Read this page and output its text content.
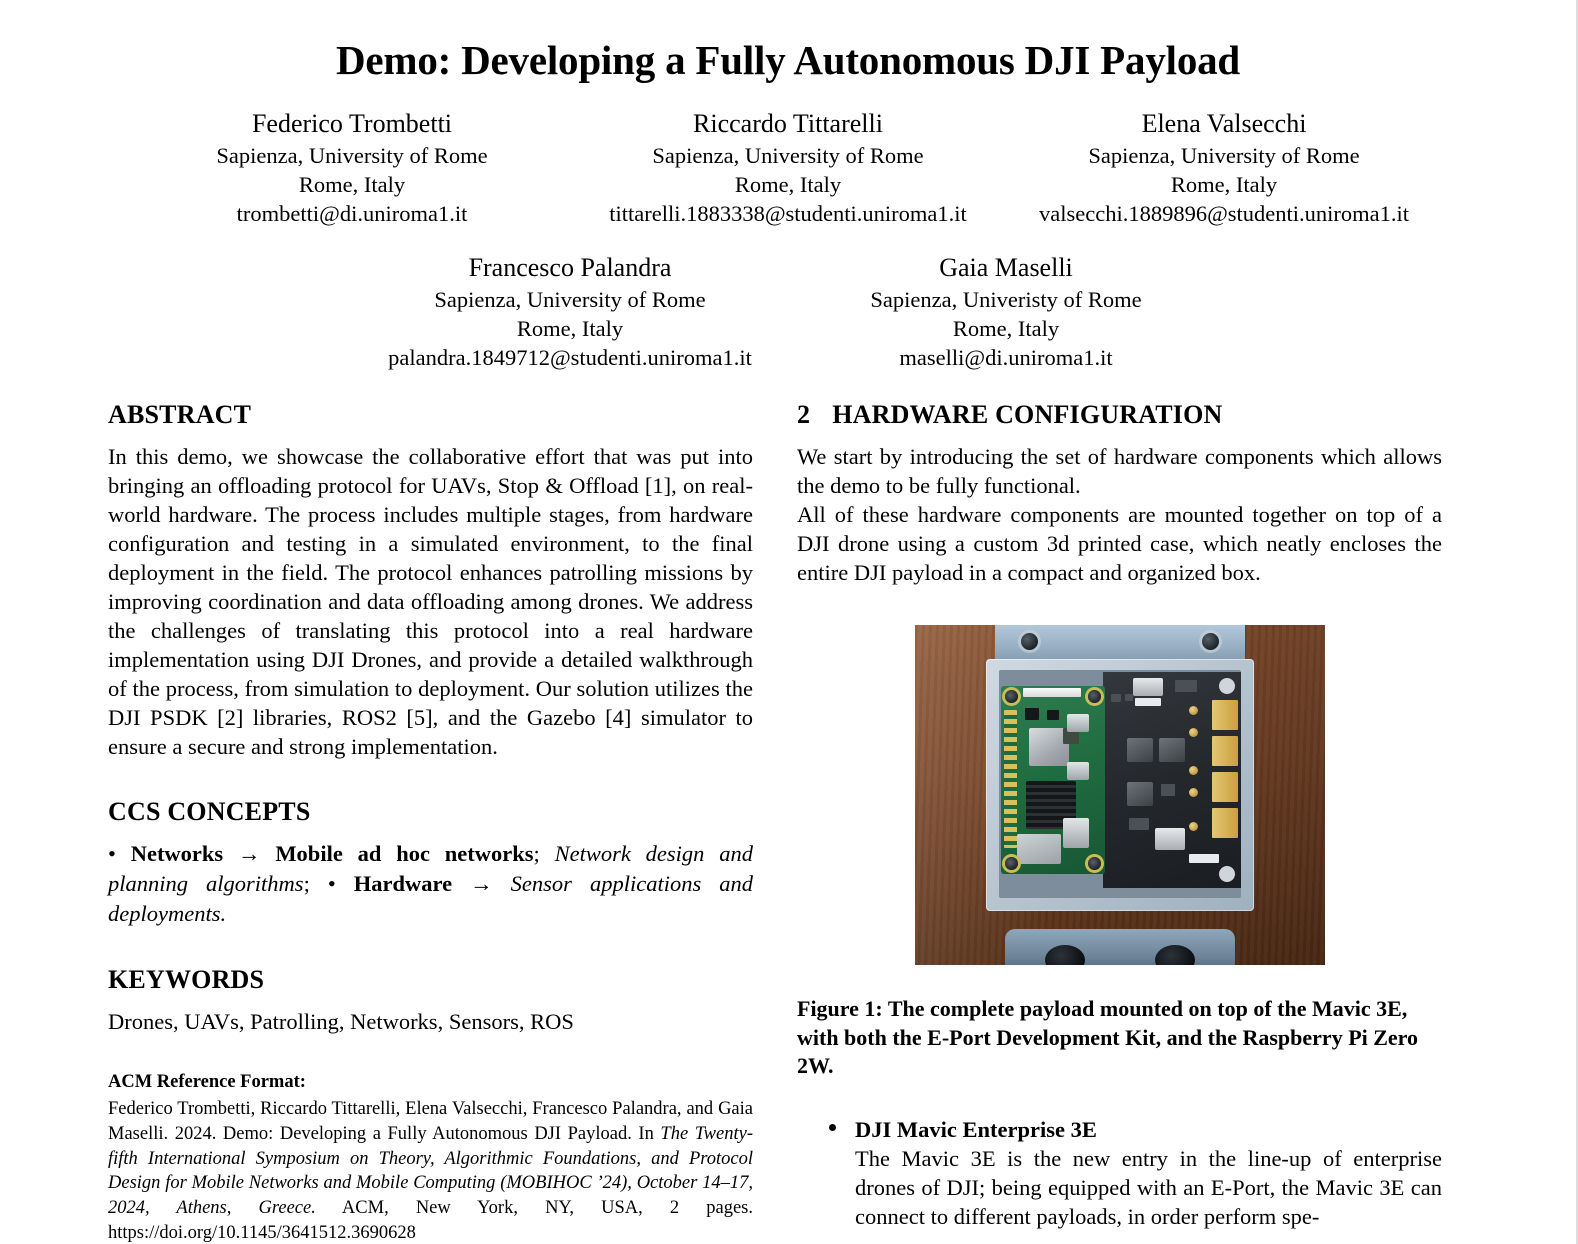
Demo: Developing a Fully Autonomous DJI Payload
Federico Trombetti
Sapienza, University of Rome
Rome, Italy
trombetti@di.uniroma1.it
Riccardo Tittarelli
Sapienza, University of Rome
Rome, Italy
tittarelli.1883338@studenti.uniroma1.it
Elena Valsecchi
Sapienza, University of Rome
Rome, Italy
valsecchi.1889896@studenti.uniroma1.it
Francesco Palandra
Sapienza, University of Rome
Rome, Italy
palandra.1849712@studenti.uniroma1.it
Gaia Maselli
Sapienza, Univeristy of Rome
Rome, Italy
maselli@di.uniroma1.it
ABSTRACT

In this demo, we showcase the collaborative effort that was put into bringing an offloading protocol for UAVs, Stop & Offload [1], on real-world hardware. The process includes multiple stages, from hardware configuration and testing in a simulated environment, to the final deployment in the field. The protocol enhances patrolling missions by improving coordination and data offloading among drones. We address the challenges of translating this protocol into a real hardware implementation using DJI Drones, and provide a detailed walkthrough of the process, from simulation to deployment. Our solution utilizes the DJI PSDK [2] libraries, ROS2 [5], and the Gazebo [4] simulator to ensure a secure and strong implementation.

CCS CONCEPTS

• Networks → Mobile ad hoc networks; Network design and planning algorithms; • Hardware → Sensor applications and deployments.

KEYWORDS

Drones, UAVs, Patrolling, Networks, Sensors, ROS

ACM Reference Format:
Federico Trombetti, Riccardo Tittarelli, Elena Valsecchi, Francesco Palandra, and Gaia Maselli. 2024. Demo: Developing a Fully Autonomous DJI Payload. In The Twenty-fifth International Symposium on Theory, Algorithmic Foundations, and Protocol Design for Mobile Networks and Mobile Computing (MOBIHOC ’24), October 14–17, 2024, Athens, Greece. ACM, New York, NY, USA, 2 pages. https://doi.org/10.1145/3641512.3690628
2 HARDWARE CONFIGURATION

We start by introducing the set of hardware components which allows the demo to be fully functional.

All of these hardware components are mounted together on top of a DJI drone using a custom 3d printed case, which neatly encloses the entire DJI payload in a compact and organized box.

Figure 1: The complete payload mounted on top of the Mavic 3E, with both the E-Port Development Kit, and the Raspberry Pi Zero 2W.
DJI Mavic Enterprise 3E
The Mavic 3E is the new entry in the line-up of enterprise drones of DJI; being equipped with an E-Port, the Mavic 3E can connect to different payloads, in order perform spe-
